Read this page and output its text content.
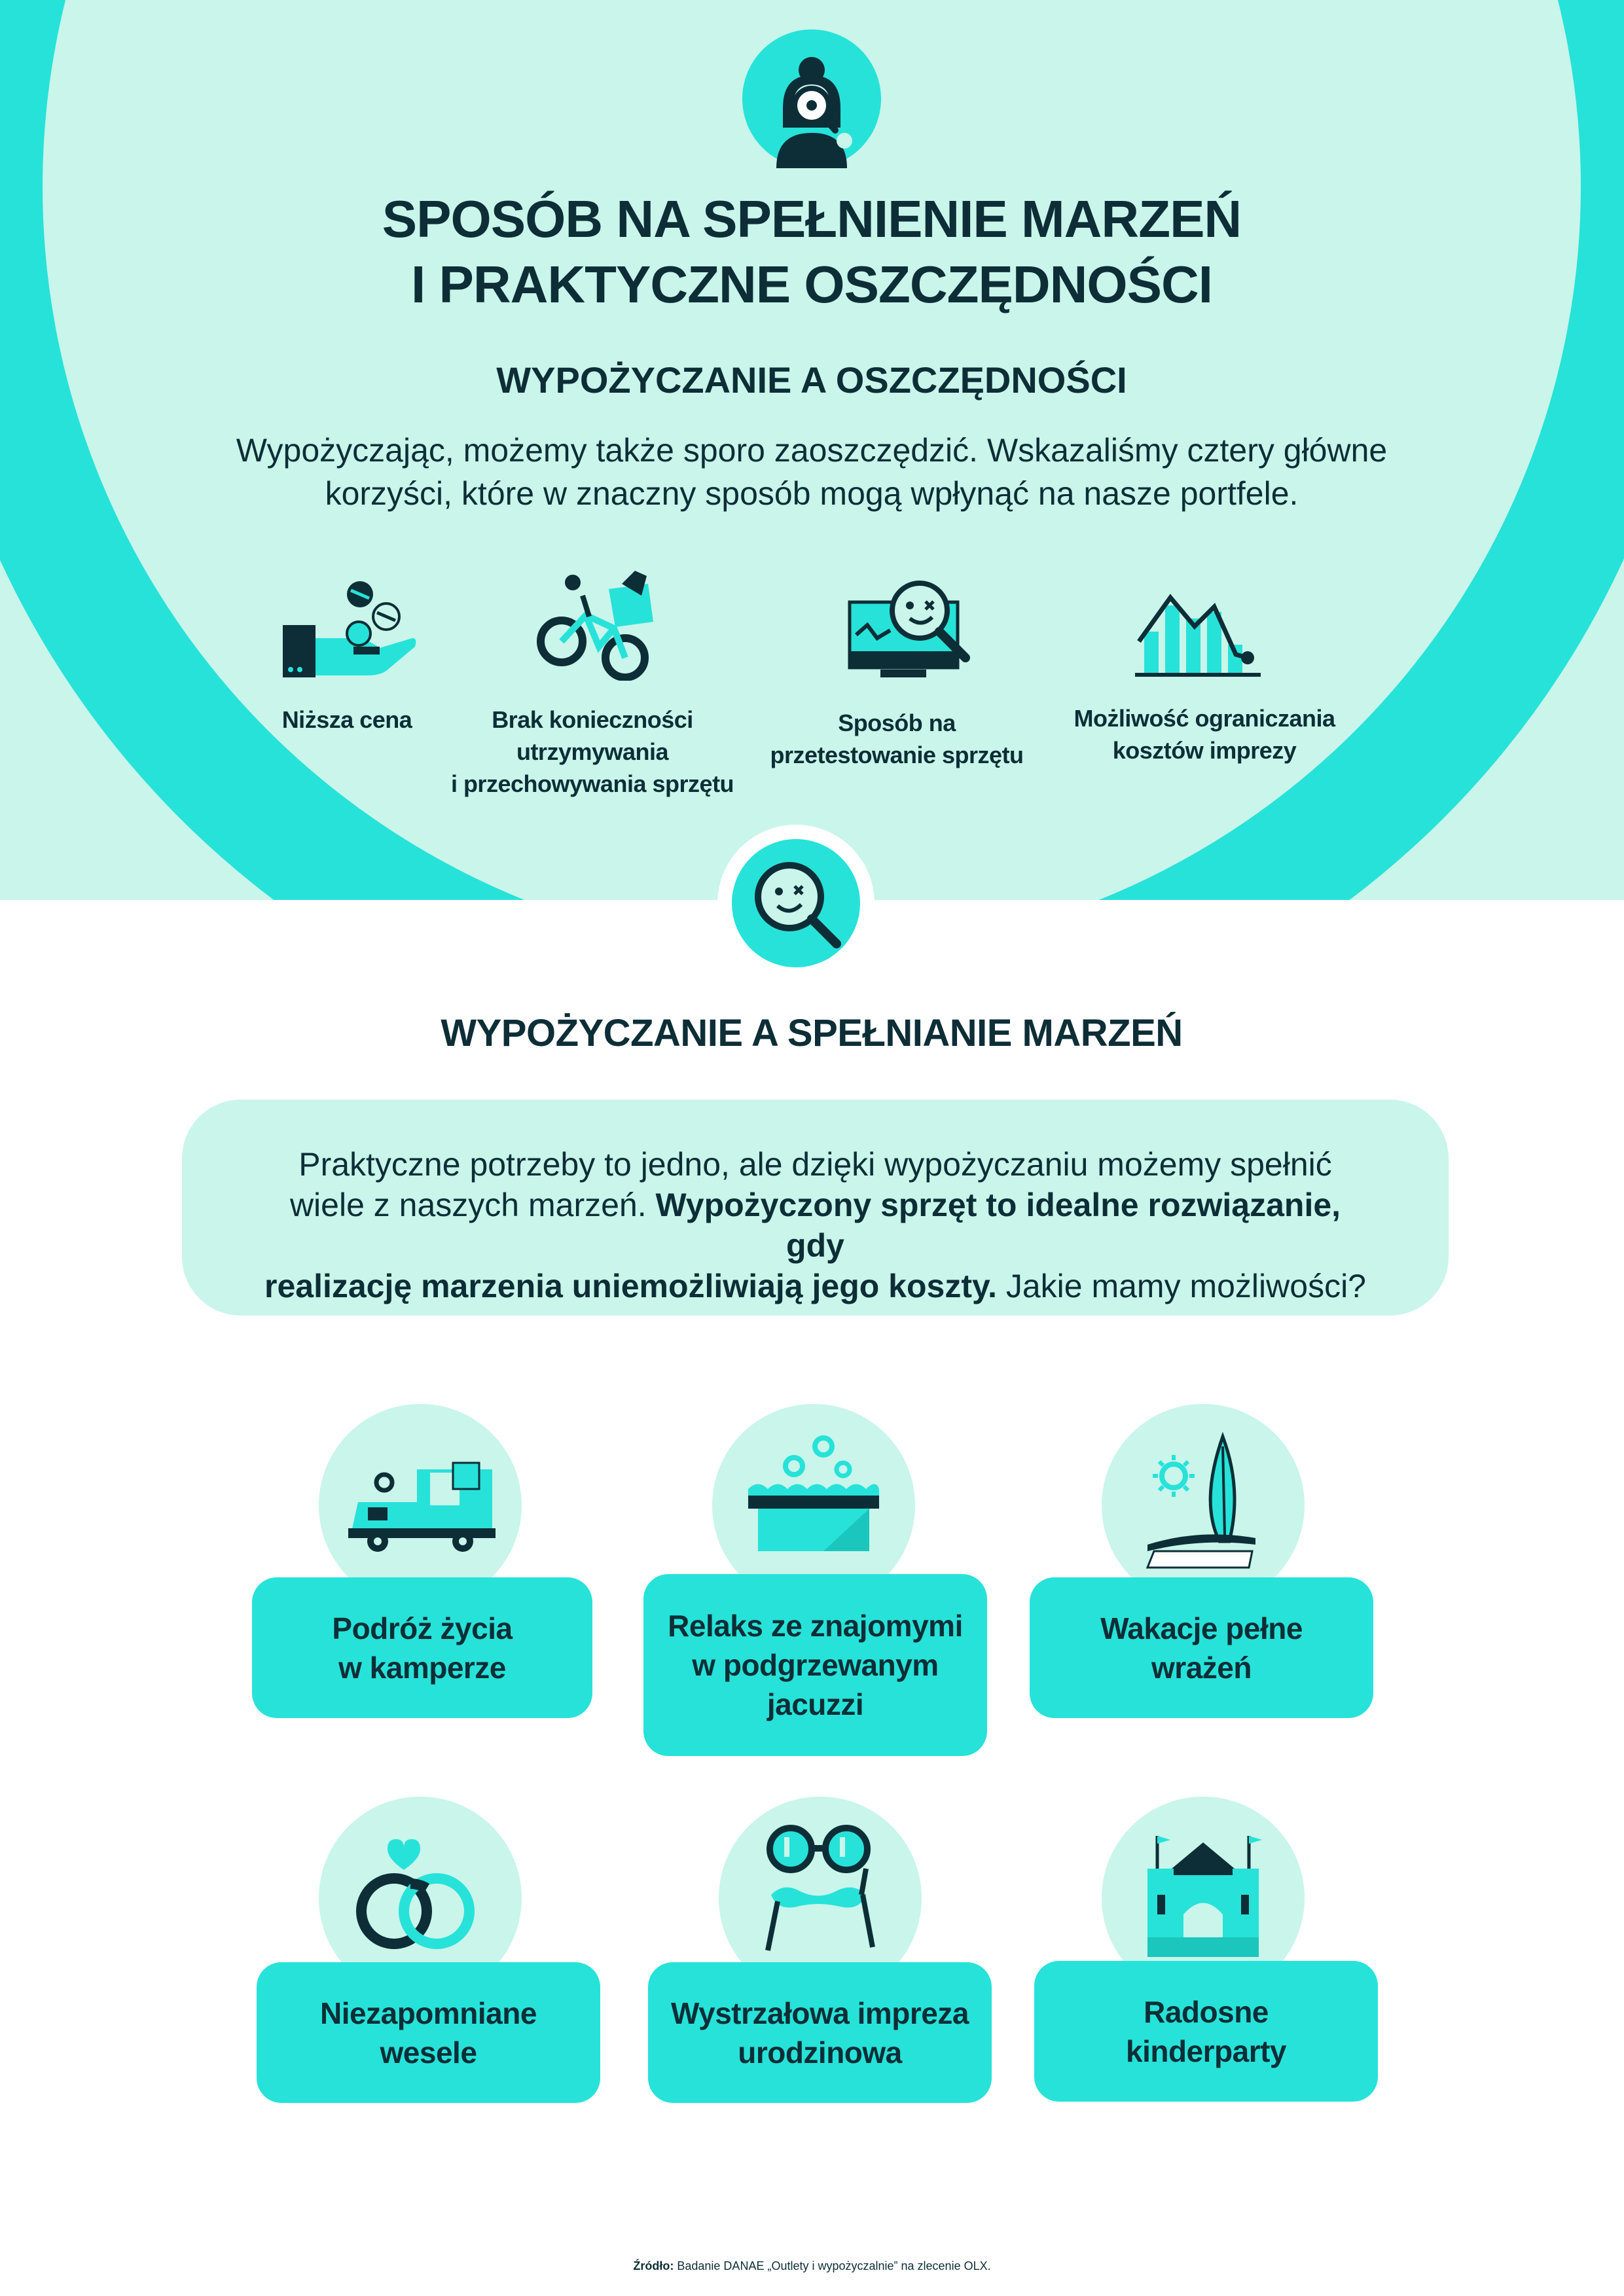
SPOSÓB NA SPEŁNIENIE MARZEŃ
I PRAKTYCZNE OSZCZĘDNOŚCI
WYPOŻYCZANIE A OSZCZĘDNOŚCI
Wypożyczając, możemy także sporo zaoszczędzić. Wskazaliśmy cztery główne
korzyści, które w znaczny sposób mogą wpłynąć na nasze portfele.
Niższa cena	Brak konieczności
utrzymywania
i przechowywania sprzętu
Sposób na
przetestowanie sprzętu
Możliwość ograniczania
kosztów imprezy
WYPOŻYCZANIE A SPEŁNIANIE MARZEŃ
Praktyczne potrzeby to jedno, ale dzięki wypożyczaniu możemy spełnić
wiele z naszych marzeń. Wypożyczony sprzęt to idealne rozwiązanie, gdy
realizację marzenia uniemożliwiają jego koszty. Jakie mamy możliwości?
Podróż życia
w kamperze
Relaks ze znajomymi
w podgrzewanym
jacuzzi
Wakacje pełne
wrażeń
Niezapomniane
wesele
Wystrzałowa impreza
urodzinowa
Radosne
kinderparty
Źródło: Badanie DANAE „Outlety i wypożyczalnie” na zlecenie OLX.
